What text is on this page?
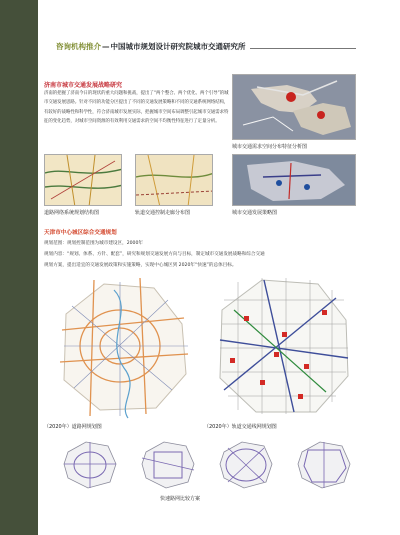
咨询机构推介—中国城市规划设计研究院城市交通研究所
济南市城市交通发展战略研究
济南的把握了济南今日的现状的重大问题和挑战，提出了“两个整合、两个优化、两个引导”的城市交通发展思路。针对不同的功能分区提出了不同的交通发展策略和不同的交通系统网络结构，有较好的战略性和科学性，符合济南城市发展实际，把握城市空间布局调整引起城市交通需求特征的变化趋势，对城市空间资源的有效利用交通需求的空间不均衡性特征进行了定量分析。
城市交通需求空间分布特征分析图
道路网络系统规划结构图	轨道交通控制走廊分布图	城市交通发展策略图
天津市中心城区综合交通规划
规划范围：规划控制范围为城市建设区，2000年
规划内容：“规划、体系、方针、配套”，研究和规划交通发展方向与目标，制定城市交通发展战略和综合交通
规划方案，提出适宜的交通发展政策和实施策略，实现中心城区到 2020年“快速”的总体目标。
（2020年）道路网规划图	（2020年）轨道交通线网规划图
快速路网比较方案
